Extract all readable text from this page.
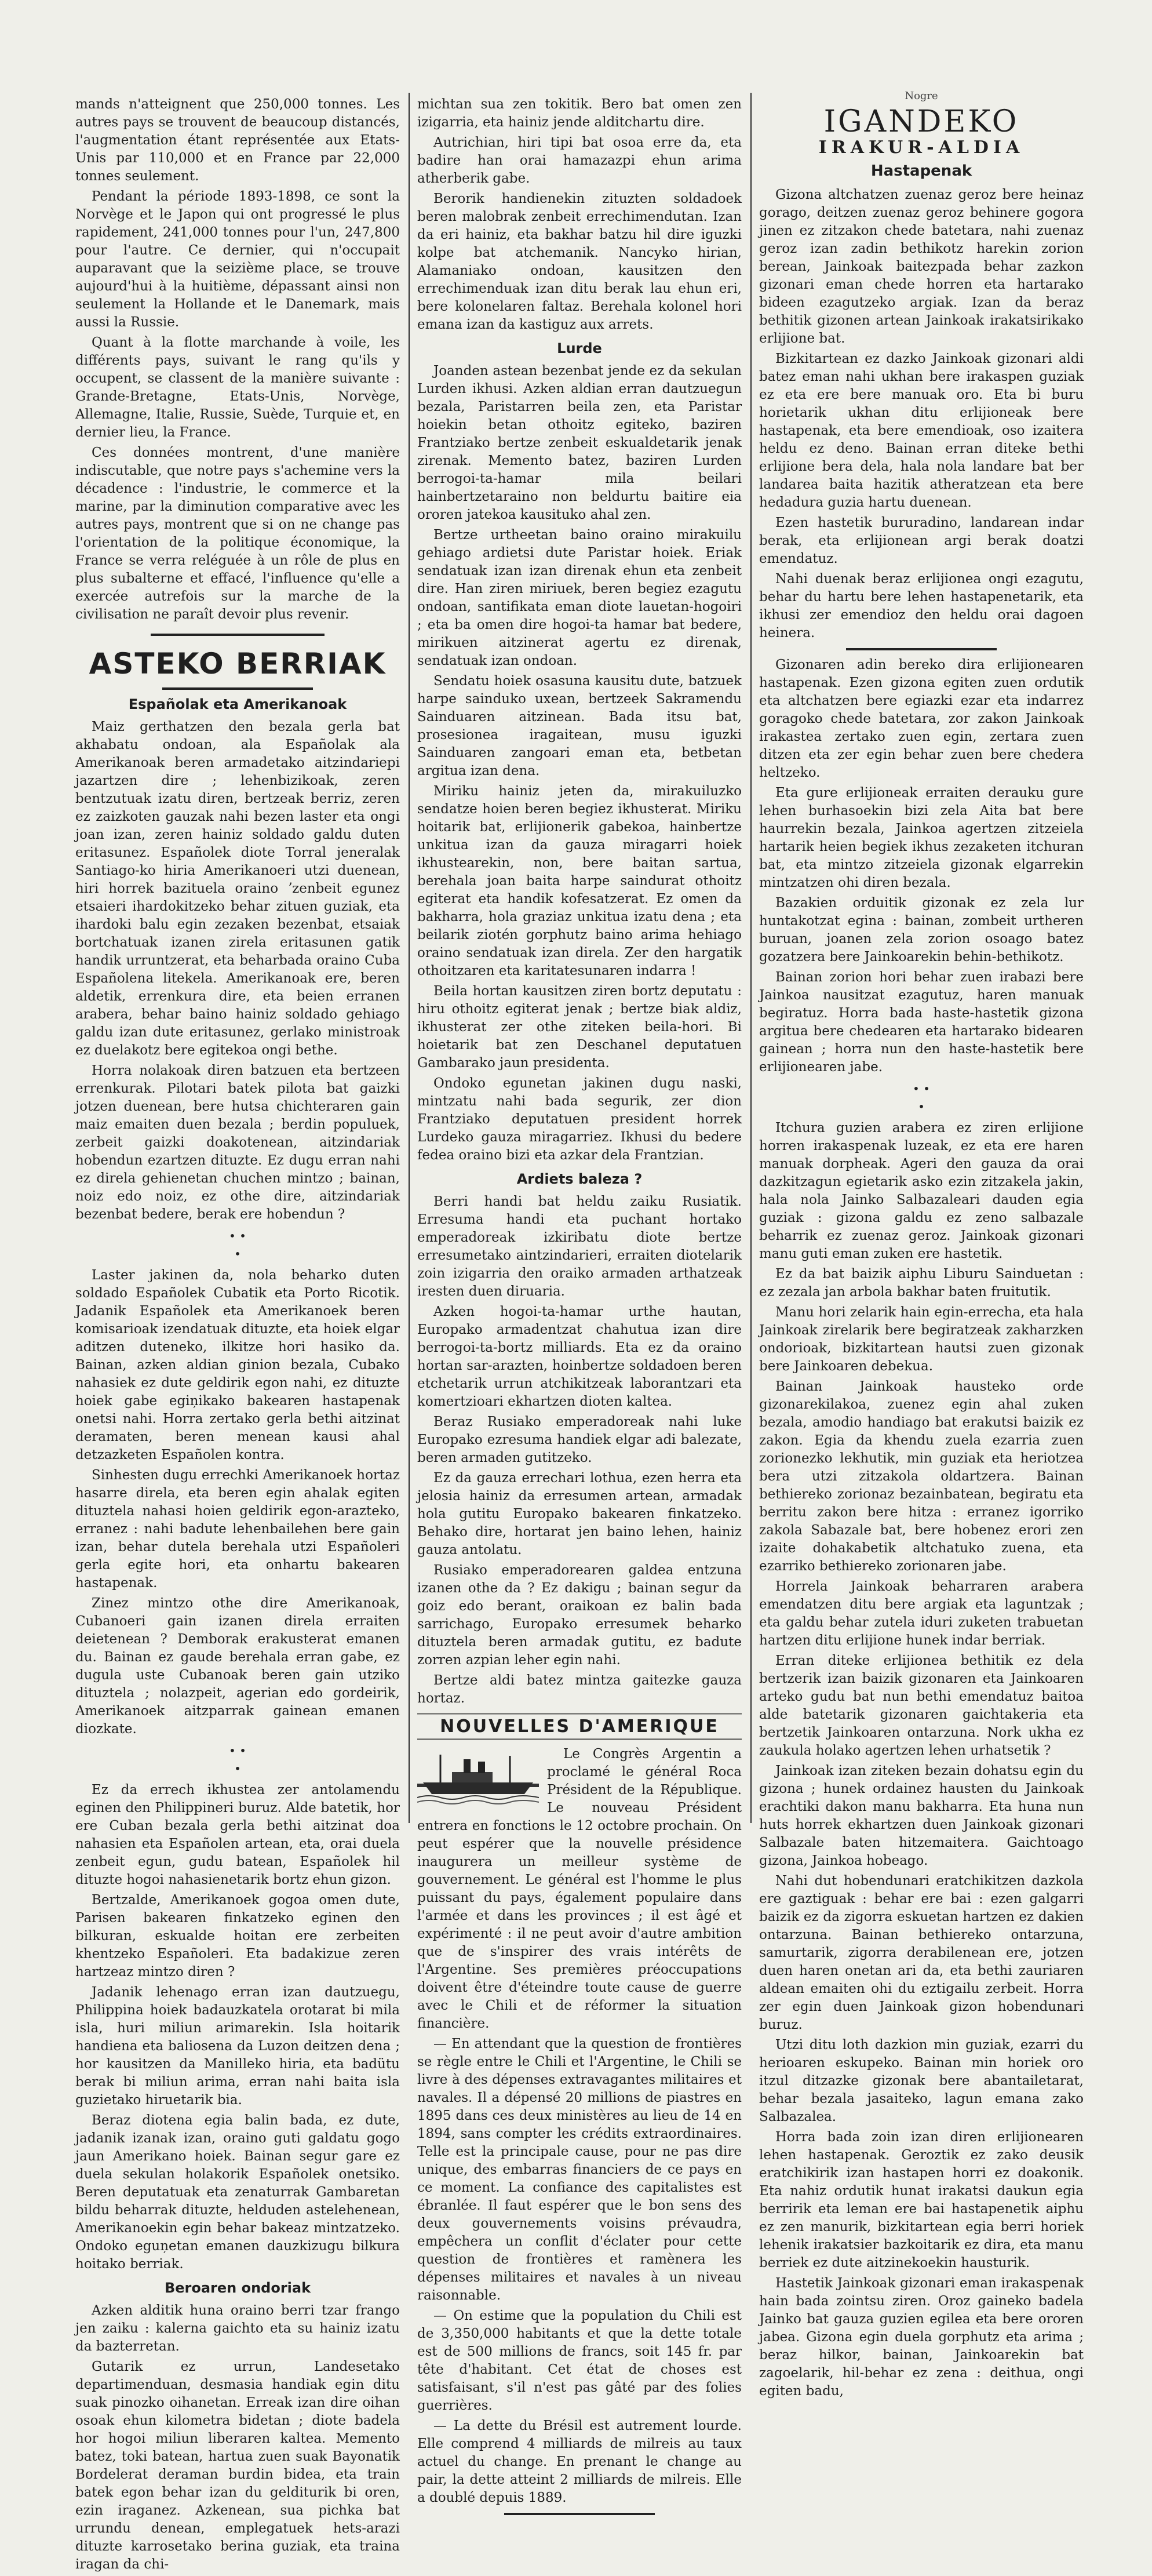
mands n'atteignent que 250,000 tonnes. Les autres pays se trouvent de beaucoup distancés, l'augmentation étant représentée aux Etats-Unis par 110,000 et en France par 22,000 tonnes seulement.

Pendant la période 1893-1898, ce sont la Norvège et le Japon qui ont progressé le plus rapidement, 241,000 tonnes pour l'un, 247,800 pour l'autre. Ce dernier, qui n'occupait auparavant que la seizième place, se trouve aujourd'hui à la huitième, dépassant ainsi non seulement la Hollande et le Danemark, mais aussi la Russie.

Quant à la flotte marchande à voile, les différents pays, suivant le rang qu'ils y occupent, se classent de la manière suivante : Grande-Bretagne, Etats-Unis, Norvège, Allemagne, Italie, Russie, Suède, Turquie et, en dernier lieu, la France.

Ces données montrent, d'une manière indiscutable, que notre pays s'achemine vers la décadence : l'industrie, le commerce et la marine, par la diminution comparative avec les autres pays, montrent que si on ne change pas l'orientation de la politique économique, la France se verra reléguée à un rôle de plus en plus subalterne et effacé, l'influence qu'elle a exercée autrefois sur la marche de la civilisation ne paraît devoir plus revenir.

ASTEKO BERRIAK
Españolak eta Amerikanoak

Maiz gerthatzen den bezala gerla bat akhabatu ondoan, ala Españolak ala Amerikanoak beren armadetako aitzindariері jazartzen dire ; lehenbizikoak, zeren bentzutuak izatu diren, bertzeak berriz, zeren ez zaizkoten gauzak nahi bezen laster eta ongi joan izan, zeren hainiz soldado galdu duten eritasunez. Españolek diote Torral jeneralak Santiago-ko hiria Amerikanoeri utzi duenean, hiri horrek bazituela oraino ʼzenbeit egunez etsaieri ihardokitzeko behar zituen guziak, eta ihardoki balu egin zezaken bezenbat, etsaiak bortchatuak izanen zirela eritasunen gatik handik urruntzerat, eta beharbada oraino Cuba Españolena litekela. Amerikanoak ere, beren aldetik, errenkura dire, eta beien erranen arabera, behar baino hainiz soldado gehiago galdu izan dute eritasunez, gerlako ministroak ez duelakotz bere egitekoa ongi bethe.

Horra nolakoak diren batzuen eta bertzeen errenkurak. Pilotari batek pilota bat gaizki jotzen duenean, bere hutsa chichteraren gain maiz emaiten duen bezala ; berdin populuek, zerbeit gaizki doakotenean, aitzindariak hobendun ezartzen dituzte. Ez dugu erran nahi ez direla gehienetan chuchen mintzo ; bainan, noiz edo noiz, ez othe dire, aitzindariak bezenbat bedere, berak ere hobendun ?

• •
•

Laster jakinen da, nola beharko duten soldado Españolek Cubatik eta Porto Ricotik. Jadanik Españolek eta Amerikanoek beren komisarioak izendatuak dituzte, eta hoiek elgar aditzen duteneko, ilkitze hori hasiko da. Bainan, azken aldian ginion bezala, Cubako nahasiek ez dute geldirik egon nahi, ez dituzte hoiek gabe egiņikako bakearen hastapenak onetsi nahi. Horra zertako gerla bethi aitzinat deramaten, beren menean kausi ahal detzazketen Españolen kontra.

Sinhesten dugu errechki Amerikanoek hortaz hasarre direla, eta beren egin ahalak egiten dituztela nahasi hoien geldirik egon-arazteko, erranez : nahi badute lehenbailehen bere gain izan, behar dutela berehala utzi Españoleri gerla egite hori, eta onhartu bakearen hastapenak.

Zinez mintzo othe dire Amerikanoak, Cubanoeri gain izanen direla erraiten deietenean ? Demborak erakusterat emanen du. Bainan ez gaude berehala erran gabe, ez dugula uste Cubanoak beren gain utziko dituztela ; nolazpeit, agerian edo gordeirik, Amerikanoek aitzparrak gainean emanen diozkate.

• •
•

Ez da errech ikhustea zer antolamendu eginen den Philippineri buruz. Alde batetik, hor ere Cuban bezala gerla bethi aitzinat doa nahasien eta Españolen artean, eta, orai duela zenbeit egun, gudu batean, Españolek hil dituzte hogoi nahasienetarik bortz ehun gizon.

Bertzalde, Amerikanoek gogoa omen dute, Parisen bakearen finkatzeko eginen den bilkuran, eskualde hoitan ere zerbeiten khentzeko Españoleri. Eta badakizue zeren hartzeaz mintzo diren ?

Jadanik lehenago erran izan dautzuegu, Philippina hoiek badauzkatela orotarat bi mila isla, huri miliun arimarekin. Isla hoitarik handiena eta baliosena da Luzon deitzen dena ; hor kausitzen da Manilleko hiria, eta badütu berak bi miliun arima, erran nahi baita isla guzietako hiruetarik bia.

Beraz diotena egia balin bada, ez dute, jadanik izanak izan, oraino guti galdatu gogo jaun Amerikano hoiek. Bainan segur gare ez duela sekulan holakorik Españolek onetsiko. Beren deputatuak eta zenaturrak Gambaretan bildu beharrak dituzte, helduden astelehenean, Amerikanoekin egin behar bakeaz mintzatzeko. Ondoko eguņetan emanen dauzkizugu bilkura hoitako berriak.

Beroaren ondoriak

Azken alditik huna oraino berri tzar frango jen zaiku : kalerna gaichto eta su hainiz izatu da bazterretan.

Gutarik ez urrun, Landesetako departimenduan, desmasia handiak egin ditu suak pinozko oihanetan. Erreak izan dire oihan osoak ehun kilometra bidetan ; diote badela hor hogoi miliun liberaren kaltea. Memento batez, toki batean, hartua zuen suak Bayonatik Bordelerat deraman burdin bidea, eta train batek egon behar izan du gelditurik bi oren, ezin iraganez. Azkenean, sua pichka bat urrundu denean, emplegatuek hets-arazi dituzte karrosetako berina guziak, eta traina iragan da chi-

michtan sua zen tokitik. Bero bat omen zen izigarria, eta hainiz jende alditchartu dire.

Autrichian, hiri tipi bat osoa erre da, eta badire han orai hamazazpi ehun arima atherberik gabe.

Berorik handienekin zituzten soldadoek beren malobrak zenbeit errechimendutan. Izan da eri hainiz, eta bakhar batzu hil dire iguzki kolpe bat atchemanik. Nancyko hirian, Alamaniako ondoan, kausitzen den errechimenduak izan ditu berak lau ehun eri, bere kolonelaren faltaz. Berehala kolonel hori emana izan da kastiguz aux arrets.

Lurde

Joanden astean bezenbat jende ez da sekulan Lurden ikhusi. Azken aldian erran dautzuegun bezala, Paristarren beila zen, eta Paristar hoiekin betan othoitz egiteko, baziren Frantziako bertze zenbeit eskualdetarik jenak zirenak. Memento batez, baziren Lurden berrogoi-ta-hamar mila beilari hainbertzetaraino non beldurtu baitire eia ororen jatekoa kausituko ahal zen.

Bertze urtheetan baino oraino mirakuilu gehiago ardietsi dute Paristar hoiek. Eriak sendatuak izan izan direnak ehun eta zenbeit dire. Han ziren miriuek, beren begiez ezagutu ondoan, santifikata eman diote lauetan-hogoiri ; eta ba omen dire hogoi-ta hamar bat bedere, mirikuen aitzinerat agertu ez direnak, sendatuak izan ondoan.

Sendatu hoiek osasuna kausitu dute, batzuek harpe sainduko uxean, bertzeek Sakramendu Sainduaren aitzinean. Bada itsu bat, prosesionea iragaitean, musu iguzki Sainduaren zangoari eman eta, betbetan argitua izan dena.

Miriku hainiz jeten da, mirakuiluzko sendatze hoien beren begiez ikhusterat. Miriku hoitarik bat, erlijionerik gabekoa, hainbertze unkitua izan da gauza miragarri hoiek ikhustearekin, non, bere baitan sartua, berehala joan baita harpe saindurat othoitz egiterat eta handik kofesatzerat. Ez omen da bakharra, hola graziaz unkitua izatu dena ; eta beilarik ziotén gorphutz baino arima hehiago oraino sendatuak izan direla. Zer den hargatik othoitzaren eta karitatesunaren indarra !

Beila hortan kausitzen ziren bortz deputatu : hiru othoitz egiterat jenak ; bertze biak aldiz, ikhusterat zer othe ziteken beila-hori. Bi hoietarik bat zen Deschanel deputatuen Gambarako jaun presidenta.

Ondoko egunetan jakinen dugu naski, mintzatu nahi bada segurik, zer dion Frantziako deputatuen president horrek Lurdeko gauza miragarriez. Ikhusi du bedere fedea oraino bizi eta azkar dela Frantzian.

Ardiets baleza ?

Berri handi bat heldu zaiku Rusiatik. Erresuma handi eta puchant hortako emperadoreak izkiribatu diote bertze erresumetako aintzindarieri, erraiten diotelarik zoin izigarria den oraiko armaden arthatzeak iresten duen diruaria.

Azken hogoi-ta-hamar urthe hautan, Europako armadentzat chahutua izan dire berrogoi-ta-bortz milliards. Eta ez da oraino hortan sar-arazten, hoinbertze soldadoen beren etchetarik urrun atchikitzeak laborantzari eta komertzioari ekhartzen dioten kaltea.

Beraz Rusiako emperadoreak nahi luke Europako ezresuma handiek elgar adi balezate, beren armaden gutitzeko.

Ez da gauza errechari lothua, ezen herra eta jelosia hainiz da erresumen artean, armadak hola gutitu Europako bakearen finkatzeko. Behako dire, hortarat jen baino lehen, hainiz gauza antolatu.

Rusiako emperadorearen galdea entzuna izanen othe da ? Ez dakigu ; bainan segur da goiz edo berant, oraikoan ez balin bada sarrichago, Europako erresumek beharko dituztela beren armadak gutitu, ez badute zorren azpian leher egin nahi.

Bertze aldi batez mintza gaitezke gauza hortaz.

NOUVELLES D'AMERIQUE

Le Congrès Argentin a proclamé le général Roca Président de la République. Le nouveau Président entrera en fonctions le 12 octobre prochain. On peut espérer que la nouvelle présidence inaugurera un meilleur système de gouvernement. Le général est l'homme le plus puissant du pays, également populaire dans l'armée et dans les provinces ; il est âgé et expérimenté : il ne peut avoir d'autre ambition que de s'inspirer des vrais intérêts de l'Argentine. Ses premières préoccupations doivent être d'éteindre toute cause de guerre avec le Chili et de réformer la situation financière.

— En attendant que la question de frontières se règle entre le Chili et l'Argentine, le Chili se livre à des dépenses extravagantes militaires et navales. Il a dépensé 20 millions de piastres en 1895 dans ces deux ministères au lieu de 14 en 1894, sans compter les crédits extraordinaires. Telle est la principale cause, pour ne pas dire unique, des embarras financiers de ce pays en ce moment. La confiance des capitalistes est ébranlée. Il faut espérer que le bon sens des deux gouvernements voisins prévaudra, empêchera un conflit d'éclater pour cette question de frontières et ramènera les dépenses militaires et navales à un niveau raisonnable.

— On estime que la population du Chili est de 3,350,000 habitants et que la dette totale est de 500 millions de francs, soit 145 fr. par tête d'habitant. Cet état de choses est satisfaisant, s'il n'est pas gâté par des folies guerrières.

— La dette du Brésil est autrement lourde. Elle comprend 4 milliards de milreis au taux actuel du change. En prenant le change au pair, la dette atteint 2 milliards de milreis. Elle a doublé depuis 1889.

Nogre
IGANDEKO
IRAKUR-ALDIA
Hastapenak

Gizona altchatzen zuenaz geroz bere heinaz gorago, deitzen zuenaz geroz behinere gogora jinen ez zitzakon chede batetara, nahi zuenaz geroz izan zadin bethikotz harekin zorion berean, Jainkoak baitezpada behar zazkon gizonari eman chede horren eta hartarako bideen ezagutzeko argiak. Izan da beraz bethitik gizonen artean Jainkoak irakatsirikako erlijione bat.

Bizkitartean ez dazko Jainkoak gizonari aldi batez eman nahi ukhan bere irakaspen guziak ez eta ere bere manuak oro. Eta bi buru horietarik ukhan ditu erlijioneak bere hastapenak, eta bere emendioak, oso izaitera heldu ez deno. Bainan erran diteke bethi erlijione bera dela, hala nola landare bat ber landarea baita hazitik atheratzean eta bere hedadura guzia hartu duenean.

Ezen hastetik bururadino, landarean indar berak, eta erlijionean argi berak doatzi emendatuz.

Nahi duenak beraz erlijionea ongi ezagutu, behar du hartu bere lehen hastapenetarik, eta ikhusi zer emendioz den heldu orai dagoen heinera.

Gizonaren adin bereko dira erlijionearen hastapenak. Ezen gizona egiten zuen ordutik eta altchatzen bere egiazki ezar eta indarrez goragoko chede batetara, zor zakon Jainkoak irakastea zertako zuen egin, zertara zuen ditzen eta zer egin behar zuen bere chedera heltzeko.

Eta gure erlijioneak erraiten derauku gure lehen burhasoekin bizi zela Aita bat bere haurrekin bezala, Jainkoa agertzen zitzeiela hartarik heien begiek ikhus zezaketen itchuran bat, eta mintzo zitzeiela gizonak elgarrekin mintzatzen ohi diren bezala.

Bazakien orduitik gizonak ez zela lur huntakotzat egina : bainan, zombeit urtheren buruan, joanen zela zorion osoago batez gozatzera bere Jainkoarekin behin-bethikotz.

Bainan zorion hori behar zuen irabazi bere Jainkoa nausitzat ezagutuz, haren manuak begiratuz. Horra bada haste-hastetik gizona argitua bere chedearen eta hartarako bidearen gainean ; horra nun den haste-hastetik bere erlijionearen jabe.

• •
•

Itchura guzien arabera ez ziren erlijione horren irakaspenak luzeak, ez eta ere haren manuak dorpheak. Ageri den gauza da orai dazkitzagun egietarik asko ezin zitzakela jakin, hala nola Jainko Salbazaleari dauden egia guziak : gizona galdu ez zeno salbazale beharrik ez zuenaz geroz. Jainkoak gizonari manu guti eman zuken ere hastetik.

Ez da bat baizik aiphu Liburu Sainduetan : ez zezala jan arbola bakhar baten fruitutik.

Manu hori zelarik hain egin-errecha, eta hala Jainkoak zirelarik bere begiratzeak zakharzken ondorioak, bizkitartean hautsi zuen gizonak bere Jainkoaren debekua.

Bainan Jainkoak hausteko orde gizonarekilakoa, zuenez egin ahal zuken bezala, amodio handiago bat erakutsi baizik ez zakon. Egia da khendu zuela ezarria zuen zorionezko lekhutik, min guziak eta heriotzea bera utzi zitzakola oldartzera. Bainan bethiereko zorionaz bezainbatean, begiratu eta berritu zakon bere hitza : erranez igorriko zakola Sabazale bat, bere hobenez erori zen izaite dohakabetik altchatuko zuena, eta ezarriko bethiereko zorionaren jabe.

Horrela Jainkoak beharraren arabera emendatzen ditu bere argiak eta laguntzak ; eta galdu behar zutela iduri zuketen trabuetan hartzen ditu erlijione hunek indar berriak.

Erran diteke erlijionea bethitik ez dela bertzerik izan baizik gizonaren eta Jainkoaren arteko gudu bat nun bethi emendatuz baitoa alde batetarik gizonaren gaichtakeria eta bertzetik Jainkoaren ontarzuna. Nork ukha ez zaukula holako agertzen lehen urhatsetik ?

Jainkoak izan ziteken bezain dohatsu egin du gizona ; hunek ordainez hausten du Jainkoak erachtiki dakon manu bakharra. Eta huna nun huts horrek ekhartzen duen Jainkoak gizonari Salbazale baten hitzemaitera. Gaichtoago gizona, Jainkoa hobeago.

Nahi dut hobendunari eratchikitzen dazkola ere gaztiguak : behar ere bai : ezen galgarri baizik ez da zigorra eskuetan hartzen ez dakien ontarzuna. Bainan bethiereko ontarzuna, samurtarik, zigorra derabilenean ere, jotzen duen haren onetan ari da, eta bethi zauriaren aldean emaiten ohi du eztigailu zerbeit. Horra zer egin duen Jainkoak gizon hobendunari buruz.

Utzi ditu loth dazkion min guziak, ezarri du herioaren eskupeko. Bainan min horiek oro itzul ditzazke gizonak bere abantailetarat, behar bezala jasaiteko, lagun emana zako Salbazalea.

Horra bada zoin izan diren erlijionearen lehen hastapenak. Geroztik ez zako deusik eratchikirik izan hastapen horri ez doakonik. Eta nahiz ordutik hunat irakatsi daukun egia berririk eta leman ere bai hastapenetik aiphu ez zen manurik, bizkitartean egia berri horiek lehenik irakatsier bazkoitarik ez dira, eta manu berriek ez dute aitzinekoekin hausturik.

Hastetik Jainkoak gizonari eman irakaspenak hain bada zointsu ziren. Oroz gaineko badela Jainko bat gauza guzien egilea eta bere ororen jabea. Gizona egin duela gorphutz eta arima ; beraz hilkor, bainan, Jainkoarekin bat zagoelarik, hil-behar ez zena : deithua, ongi egiten badu,
